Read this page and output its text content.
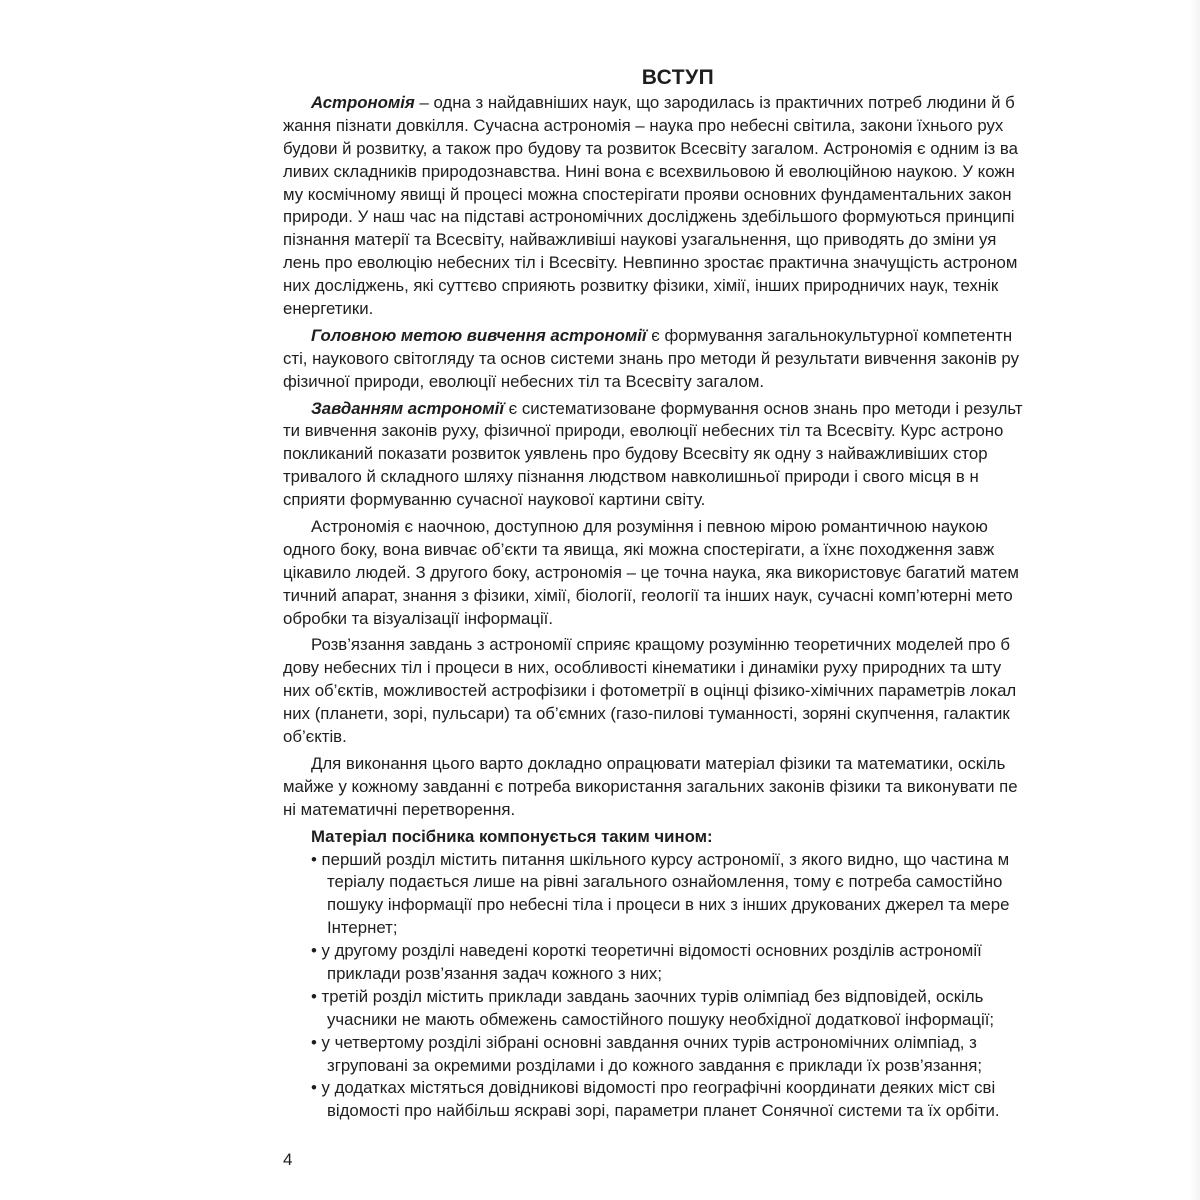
ВСТУП
Астрономія – одна з найдавніших наук, що зародилась із практичних потреб людини й б
жання пізнати довкілля. Сучасна астрономія – наука про небесні світила, закони їхнього рух
будови й розвитку, а також про будову та розвиток Всесвіту загалом. Астрономія є одним із ва
ливих складників природознавства. Нині вона є всехвильовою й еволюційною наукою. У кожн
му космічному явищі й процесі можна спостерігати прояви основних фундаментальних закон
природи. У наш час на підставі астрономічних досліджень здебільшого формуються принципі
пізнання матерії та Всесвіту, найважливіші наукові узагальнення, що приводять до зміни уя
лень про еволюцію небесних тіл і Всесвіту. Невпинно зростає практична значущість астроном
них досліджень, які суттєво сприяють розвитку фізики, хімії, інших природничих наук, технік
енергетики.
Головною метою вивчення астрономії є формування загальнокультурної компетентн
сті, наукового світогляду та основ системи знань про методи й результати вивчення законів ру
фізичної природи, еволюції небесних тіл та Всесвіту загалом.
Завданням астрономії є систематизоване формування основ знань про методи і результ
ти вивчення законів руху, фізичної природи, еволюції небесних тіл та Всесвіту. Курс астроно
покликаний показати розвиток уявлень про будову Всесвіту як одну з найважливіших стор
тривалого й складного шляху пізнання людством навколишньої природи і свого місця в н
сприяти формуванню сучасної наукової картини світу.
Астрономія є наочною, доступною для розуміння і певною мірою романтичною наукою
одного боку, вона вивчає об’єкти та явища, які можна спостерігати, а їхнє походження завж
цікавило людей. З другого боку, астрономія – це точна наука, яка використовує багатий матем
тичний апарат, знання з фізики, хімії, біології, геології та інших наук, сучасні комп’ютерні мето
обробки та візуалізації інформації.
Розв’язання завдань з астрономії сприяє кращому розумінню теоретичних моделей про б
дову небесних тіл і процеси в них, особливості кінематики і динаміки руху природних та шту
них об’єктів, можливостей астрофізики і фотометрії в оцінці фізико-хімічних параметрів локал
них (планети, зорі, пульсари) та об’ємних (газо-пилові туманності, зоряні скупчення, галактик
об’єктів.
Для виконання цього варто докладно опрацювати матеріал фізики та математики, оскіль
майже у кожному завданні є потреба використання загальних законів фізики та виконувати пе
ні математичні перетворення.
Матеріал посібника компонується таким чином:
• перший розділ містить питання шкільного курсу астрономії, з якого видно, що частина м
теріалу подається лише на рівні загального ознайомлення, тому є потреба самостійно
пошуку інформації про небесні тіла і процеси в них з інших друкованих джерел та мере
Інтернет;
• у другому розділі наведені короткі теоретичні відомості основних розділів астрономії
приклади розв’язання задач кожного з них;
• третій розділ містить приклади завдань заочних турів олімпіад без відповідей, оскіль
учасники не мають обмежень самостійного пошуку необхідної додаткової інформації;
• у четвертому розділі зібрані основні завдання очних турів астрономічних олімпіад, з
згруповані за окремими розділами і до кожного завдання є приклади їх розв’язання;
• у додатках містяться довідникові відомості про географічні координати деяких міст сві
відомості про найбільш яскраві зорі, параметри планет Сонячної системи та їх орбіти.
4
